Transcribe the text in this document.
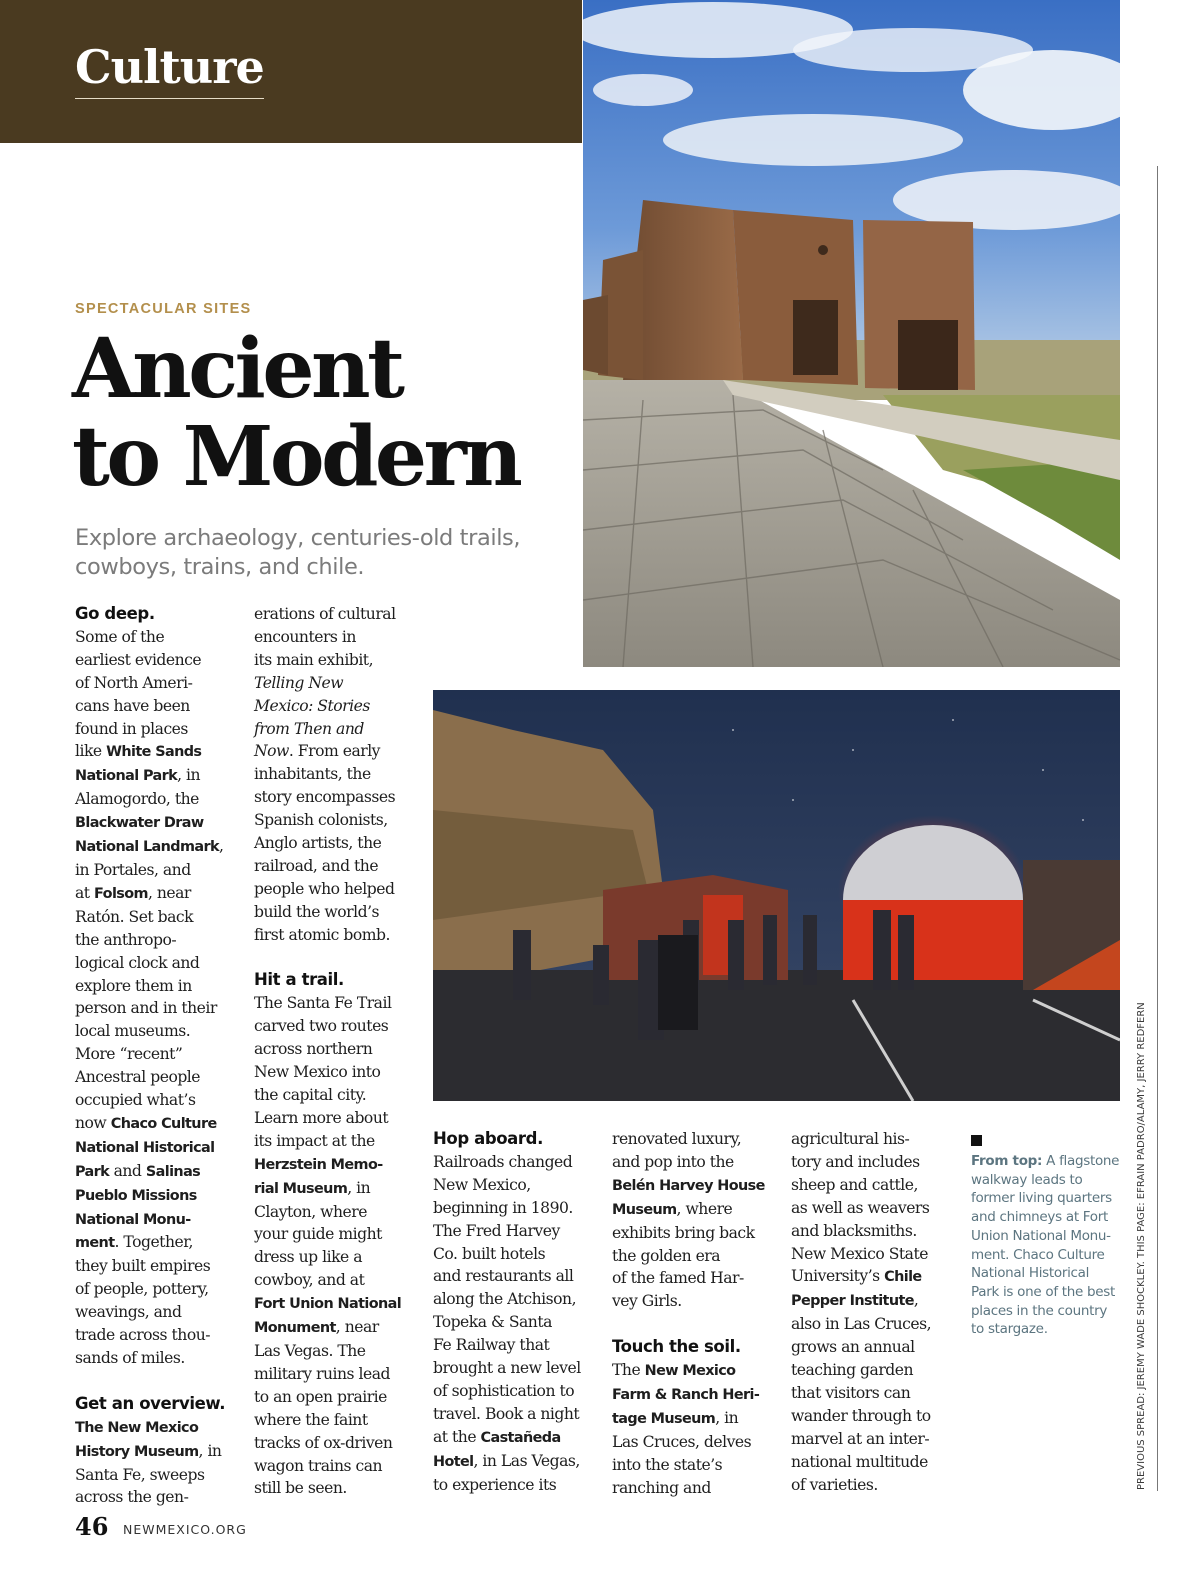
Culture
SPECTACULAR SITES
Ancient
to Modern
Explore archaeology, centuries-old trails, cowboys, trains, and chile.
Go deep.
Some of the
earliest evidence
of North Ameri-
cans have been
found in places
like White Sands
National Park, in
Alamogordo, the
Blackwater Draw
National Landmark,
in Portales, and
at Folsom, near
Ratón. Set back
the anthropo-
logical clock and
explore them in
person and in their
local museums.
More “recent”
Ancestral people
occupied what’s
now Chaco Culture
National Historical
Park and Salinas
Pueblo Missions
National Monu-
ment. Together,
they built empires
of people, pottery,
weavings, and
trade across thou-
sands of miles.
Get an overview.
The New Mexico
History Museum, in
Santa Fe, sweeps
across the gen-
erations of cultural
encounters in
its main exhibit,
Telling New
Mexico: Stories
from Then and
Now. From early
inhabitants, the
story encompasses
Spanish colonists,
Anglo artists, the
railroad, and the
people who helped
build the world’s
first atomic bomb.
Hit a trail.
The Santa Fe Trail
carved two routes
across northern
New Mexico into
the capital city.
Learn more about
its impact at the
Herzstein Memo-
rial Museum, in
Clayton, where
your guide might
dress up like a
cowboy, and at
Fort Union National
Monument, near
Las Vegas. The
military ruins lead
to an open prairie
where the faint
tracks of ox-driven
wagon trains can
still be seen.
Hop aboard.
Railroads changed
New Mexico,
beginning in 1890.
The Fred Harvey
Co. built hotels
and restaurants all
along the Atchison,
Topeka & Santa
Fe Railway that
brought a new level
of sophistication to
travel. Book a night
at the Castañeda
Hotel, in Las Vegas,
to experience its
renovated luxury,
and pop into the
Belén Harvey House
Museum, where
exhibits bring back
the golden era
of the famed Har-
vey Girls.
Touch the soil.
The New Mexico
Farm & Ranch Heri-
tage Museum, in
Las Cruces, delves
into the state’s
ranching and
agricultural his-
tory and includes
sheep and cattle,
as well as weavers
and blacksmiths.
New Mexico State
University’s Chile
Pepper Institute,
also in Las Cruces,
grows an annual
teaching garden
that visitors can
wander through to
marvel at an inter-
national multitude
of varieties.
From top: A flagstone walkway leads to former living quarters and chimneys at Fort Union National Monu-ment. Chaco Culture National Historical Park is one of the best places in the country to stargaze.	PREVIOUS SPREAD: JEREMY WADE SHOCKLEY. THIS PAGE: EFRAIN PADRO/ALAMY, JERRY REDFERN
46 NEWMEXICO.ORG
